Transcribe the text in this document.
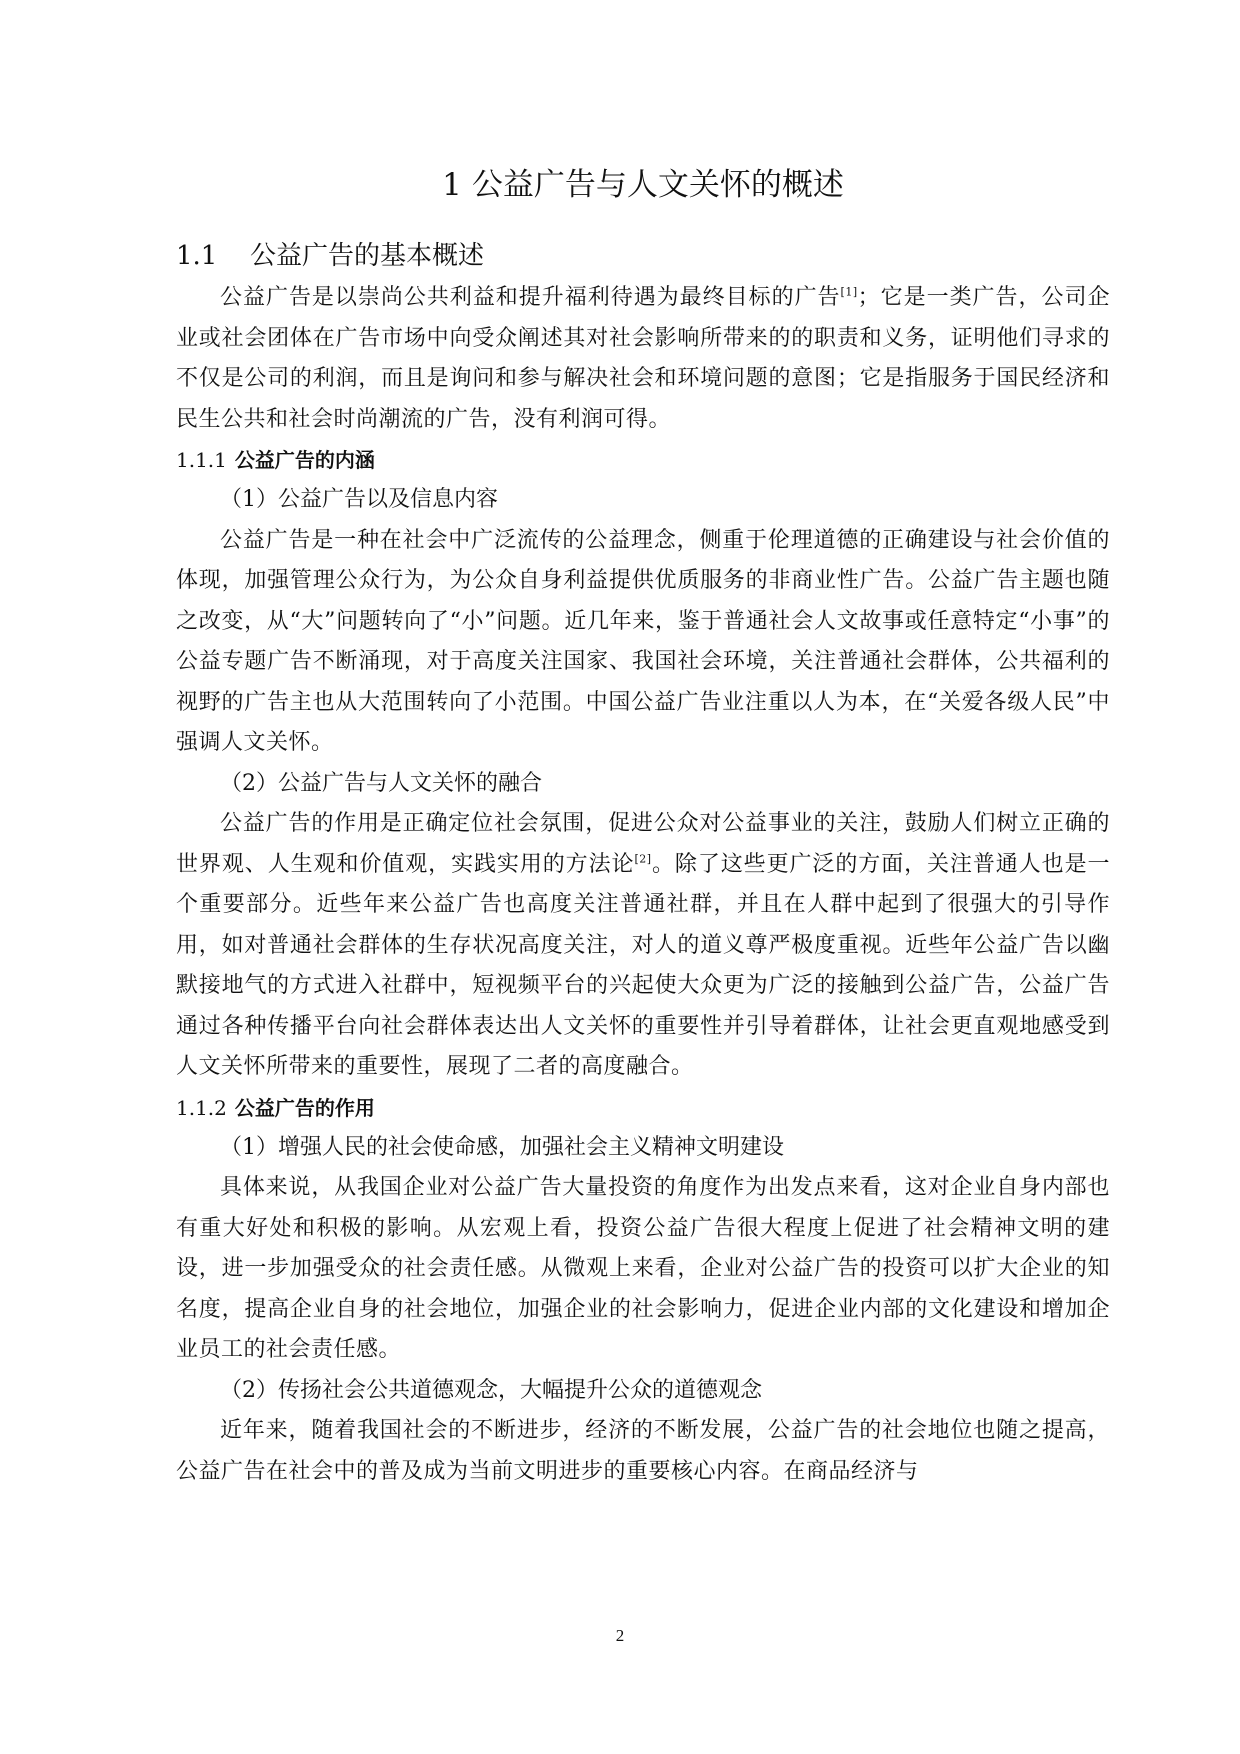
1 公益广告与人文关怀的概述
1.1 公益广告的基本概述

公益广告是以崇尚公共利益和提升福利待遇为最终目标的广告[1]；它是一类广告，公司企业或社会团体在广告市场中向受众阐述其对社会影响所带来的的职责和义务，证明他们寻求的不仅是公司的利润，而且是询问和参与解决社会和环境问题的意图；它是指服务于国民经济和民生公共和社会时尚潮流的广告，没有利润可得。

1.1.1 公益广告的内涵

（1）公益广告以及信息内容

公益广告是一种在社会中广泛流传的公益理念，侧重于伦理道德的正确建设与社会价值的体现，加强管理公众行为，为公众自身利益提供优质服务的非商业性广告。公益广告主题也随之改变，从“大”问题转向了“小”问题。近几年来，鉴于普通社会人文故事或任意特定“小事”的公益专题广告不断涌现，对于高度关注国家、我国社会环境，关注普通社会群体，公共福利的视野的广告主也从大范围转向了小范围。中国公益广告业注重以人为本，在“关爱各级人民”中强调人文关怀。

（2）公益广告与人文关怀的融合

公益广告的作用是正确定位社会氛围，促进公众对公益事业的关注，鼓励人们树立正确的世界观、人生观和价值观，实践实用的方法论[2]。除了这些更广泛的方面，关注普通人也是一个重要部分。近些年来公益广告也高度关注普通社群，并且在人群中起到了很强大的引导作用，如对普通社会群体的生存状况高度关注，对人的道义尊严极度重视。近些年公益广告以幽默接地气的方式进入社群中，短视频平台的兴起使大众更为广泛的接触到公益广告，公益广告通过各种传播平台向社会群体表达出人文关怀的重要性并引导着群体，让社会更直观地感受到人文关怀所带来的重要性，展现了二者的高度融合。

1.1.2 公益广告的作用

（1）增强人民的社会使命感，加强社会主义精神文明建设

具体来说，从我国企业对公益广告大量投资的角度作为出发点来看，这对企业自身内部也有重大好处和积极的影响。从宏观上看，投资公益广告很大程度上促进了社会精神文明的建设，进一步加强受众的社会责任感。从微观上来看，企业对公益广告的投资可以扩大企业的知名度，提高企业自身的社会地位，加强企业的社会影响力，促进企业内部的文化建设和增加企业员工的社会责任感。

（2）传扬社会公共道德观念，大幅提升公众的道德观念

近年来，随着我国社会的不断进步，经济的不断发展，公益广告的社会地位也随之提高，公益广告在社会中的普及成为当前文明进步的重要核心内容。在商品经济与

2
